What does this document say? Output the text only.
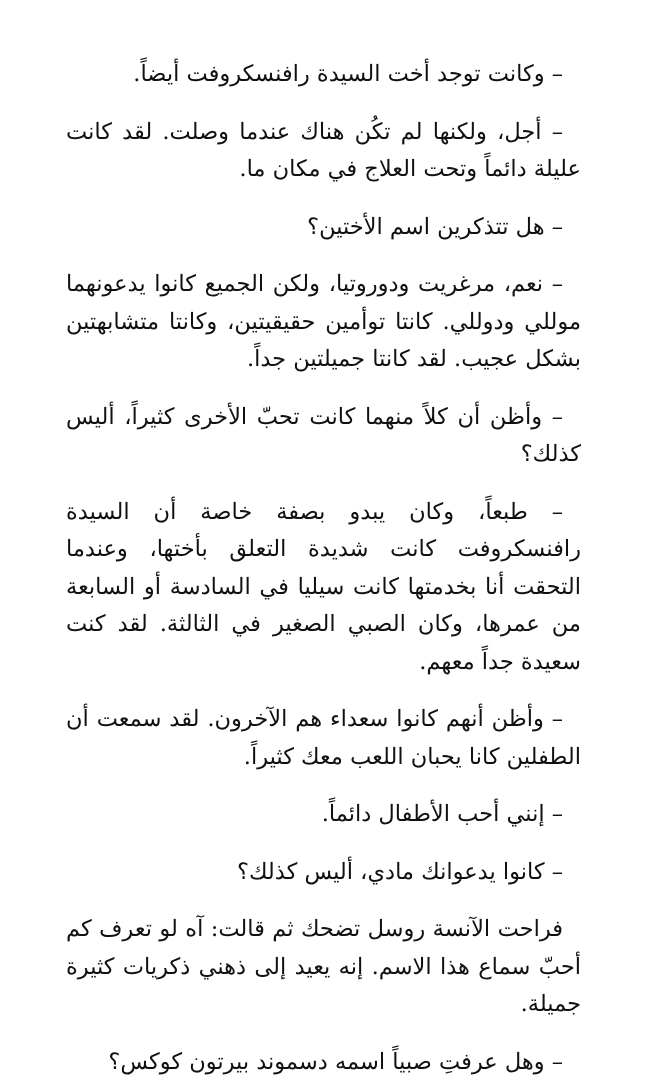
– وكانت توجد أخت السيدة رافنسكروفت أيضاً.

– أجل، ولكنها لم تكُن هناك عندما وصلت. لقد كانت عليلة دائماً وتحت العلاج في مكان ما.

– هل تتذكرين اسم الأختين؟

– نعم، مرغريت ودوروتيا، ولكن الجميع كانوا يدعونهما موللي ودوللي. كانتا توأمين حقيقيتين، وكانتا متشابهتين بشكل عجيب. لقد كانتا جميلتين جداً.

– وأظن أن كلاً منهما كانت تحبّ الأخرى كثيراً، أليس كذلك؟

– طبعاً، وكان يبدو بصفة خاصة أن السيدة رافنسكروفت كانت شديدة التعلق بأختها، وعندما التحقت أنا بخدمتها كانت سيليا في السادسة أو السابعة من عمرها، وكان الصبي الصغير في الثالثة. لقد كنت سعيدة جداً معهم.

– وأظن أنهم كانوا سعداء هم الآخرون. لقد سمعت أن الطفلين كانا يحبان اللعب معك كثيراً.

– إنني أحب الأطفال دائماً.

– كانوا يدعوانك مادي، أليس كذلك؟

فراحت الآنسة روسل تضحك ثم قالت: آه لو تعرف كم أحبّ سماع هذا الاسم. إنه يعيد إلى ذهني ذكريات كثيرة جميلة.

– وهل عرفتِ صبياً اسمه دسموند بيرتون كوكس؟
